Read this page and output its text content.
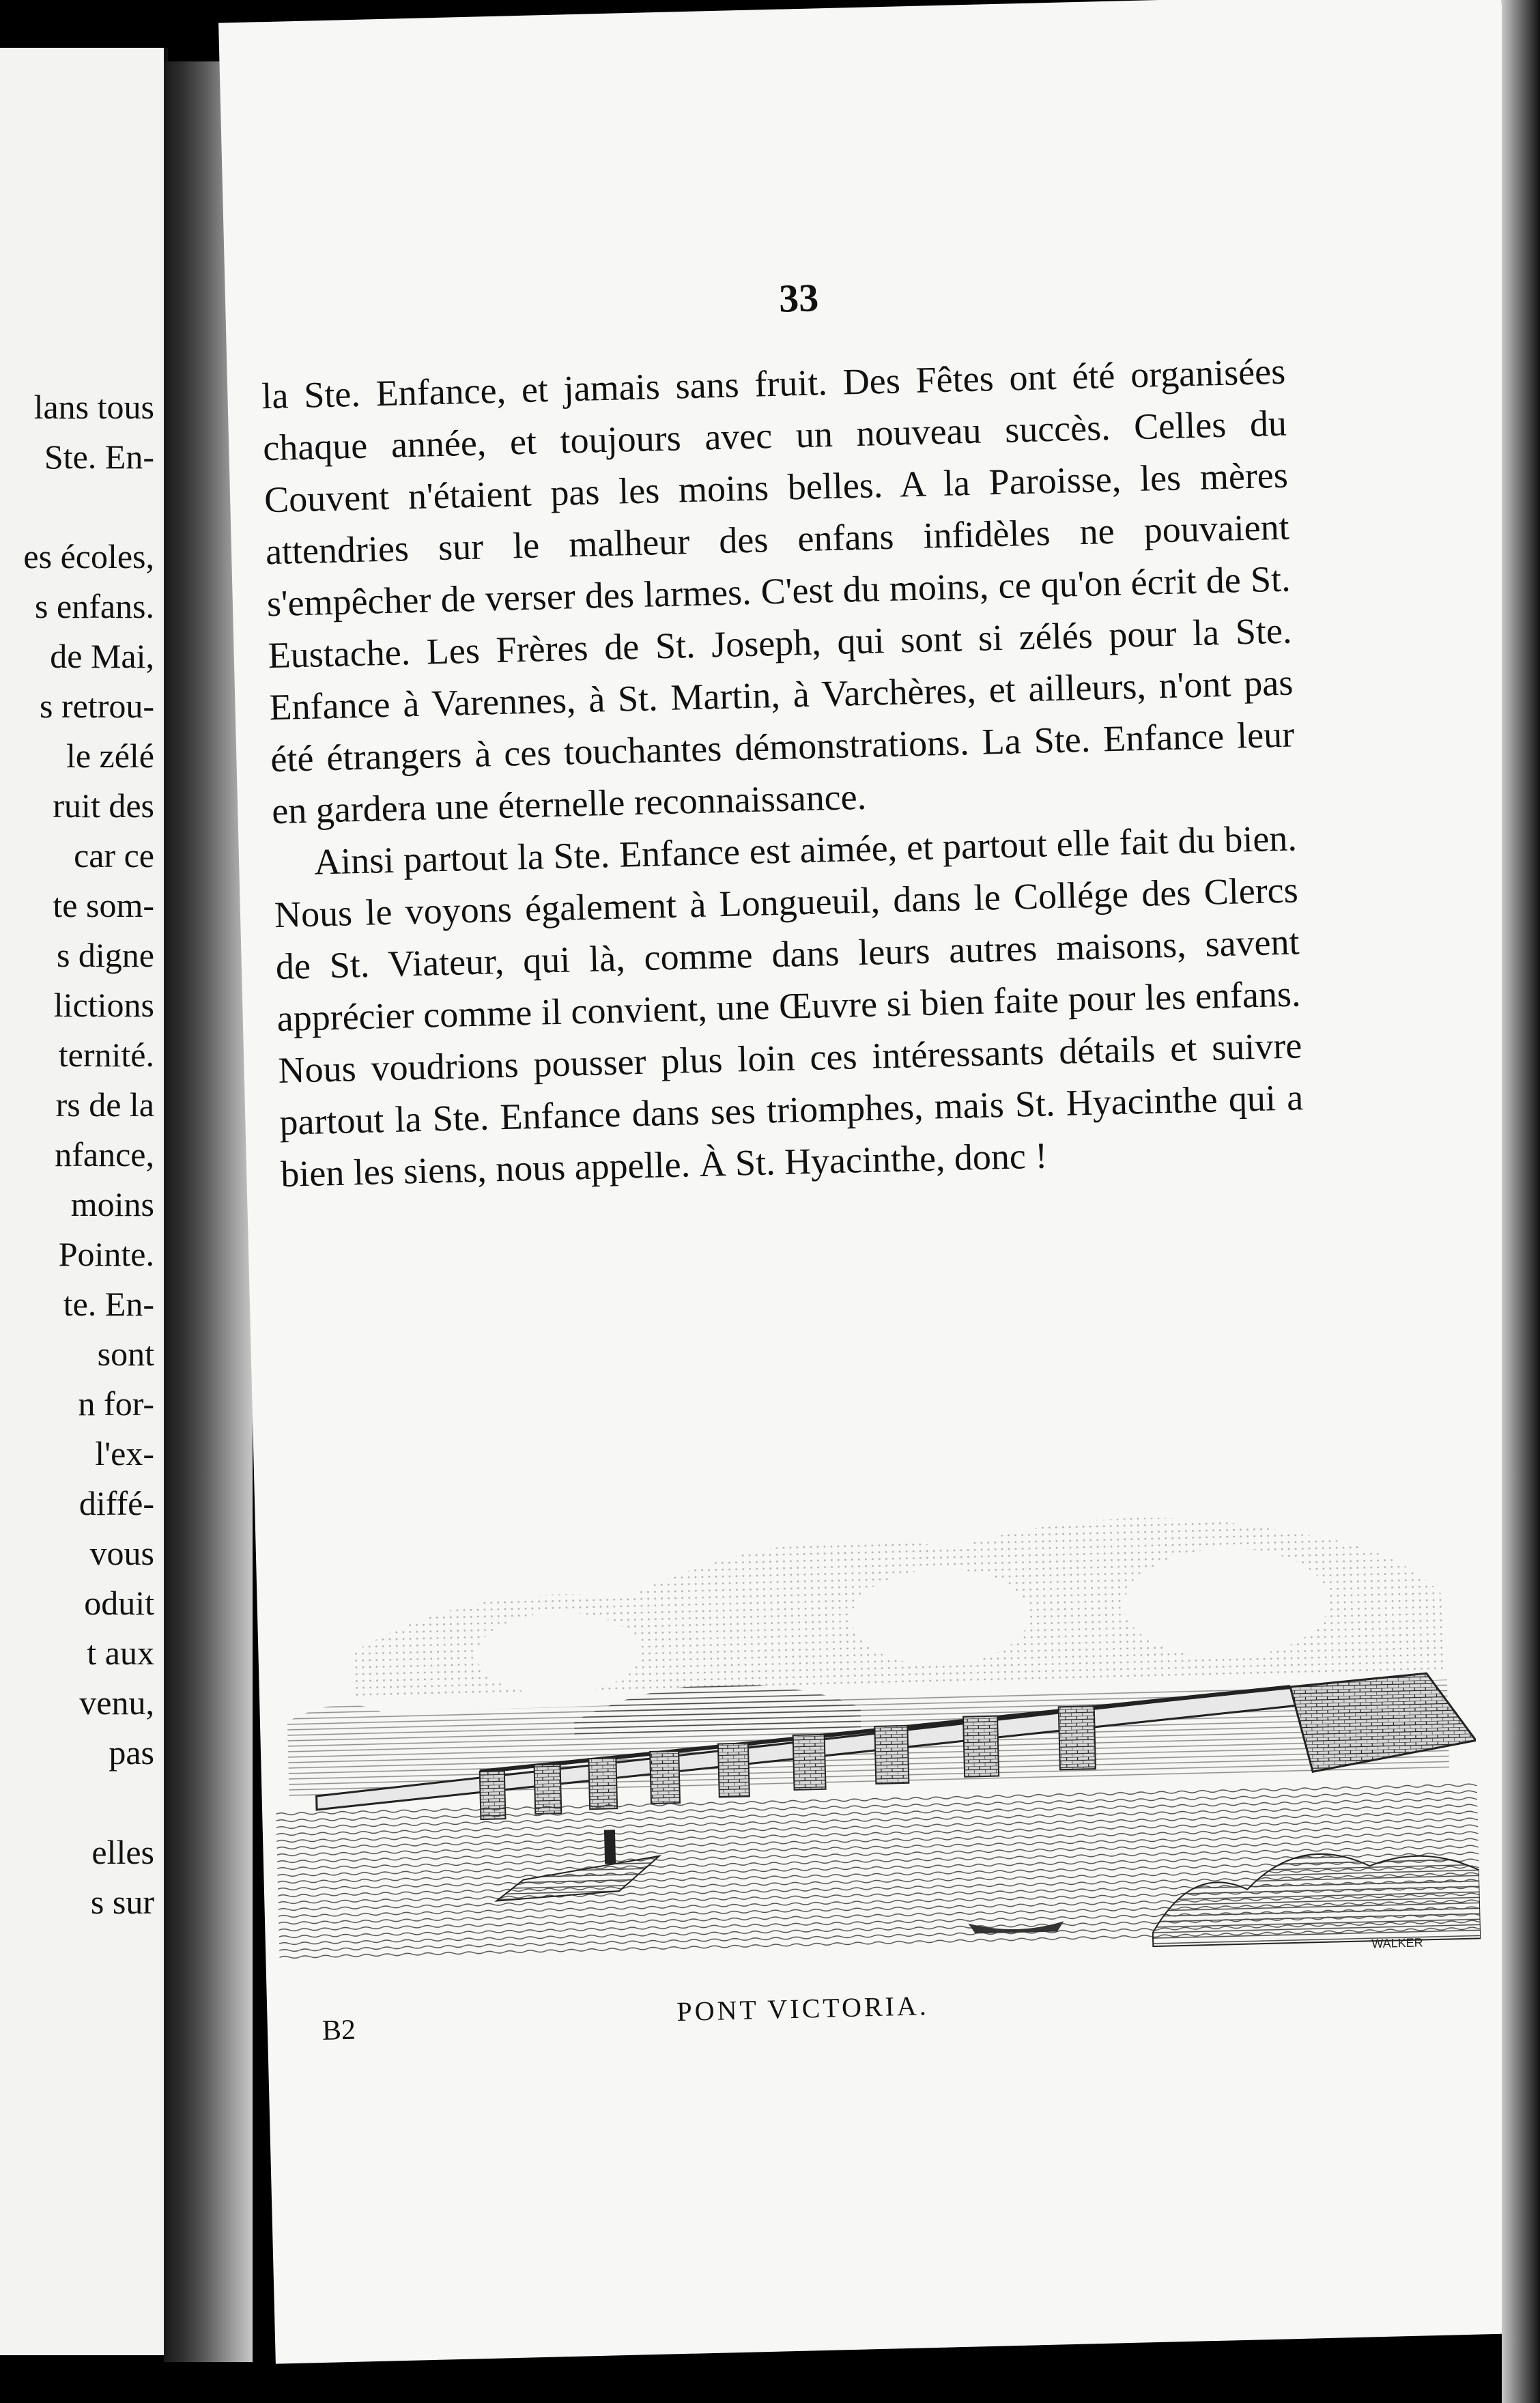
lans tous
Ste. En-
es écoles,
s enfans.
de Mai,
s retrou-
le zélé
ruit des
car ce
te som-
s digne
lictions
ternité.
rs de la
nfance,
moins
Pointe.
te. En-
sont
n for-
l'ex-
diffé-
vous
oduit
t aux
venu,
pas
elles
s sur
33

la Ste. Enfance, et jamais sans fruit. Des Fêtes ont été organisées chaque année, et toujours avec un nouveau succès. Celles du Couvent n'étaient pas les moins belles. A la Paroisse, les mères attendries sur le malheur des enfans infidèles ne pouvaient s'empêcher de verser des larmes. C'est du moins, ce qu'on écrit de St. Eustache. Les Frères de St. Joseph, qui sont si zélés pour la Ste. Enfance à Varennes, à St. Martin, à Varchères, et ailleurs, n'ont pas été étrangers à ces touchantes démonstrations. La Ste. Enfance leur en gardera une éternelle reconnaissance.

Ainsi partout la Ste. Enfance est aimée, et partout elle fait du bien. Nous le voyons également à Longueuil, dans le Collége des Clercs de St. Viateur, qui là, comme dans leurs autres maisons, savent apprécier comme il convient, une Œuvre si bien faite pour les enfans. Nous voudrions pousser plus loin ces intéressants détails et suivre partout la Ste. Enfance dans ses triomphes, mais St. Hyacinthe qui a bien les siens, nous appelle. À St. Hyacinthe, donc !

WALKER
B2
PONT VICTORIA.
